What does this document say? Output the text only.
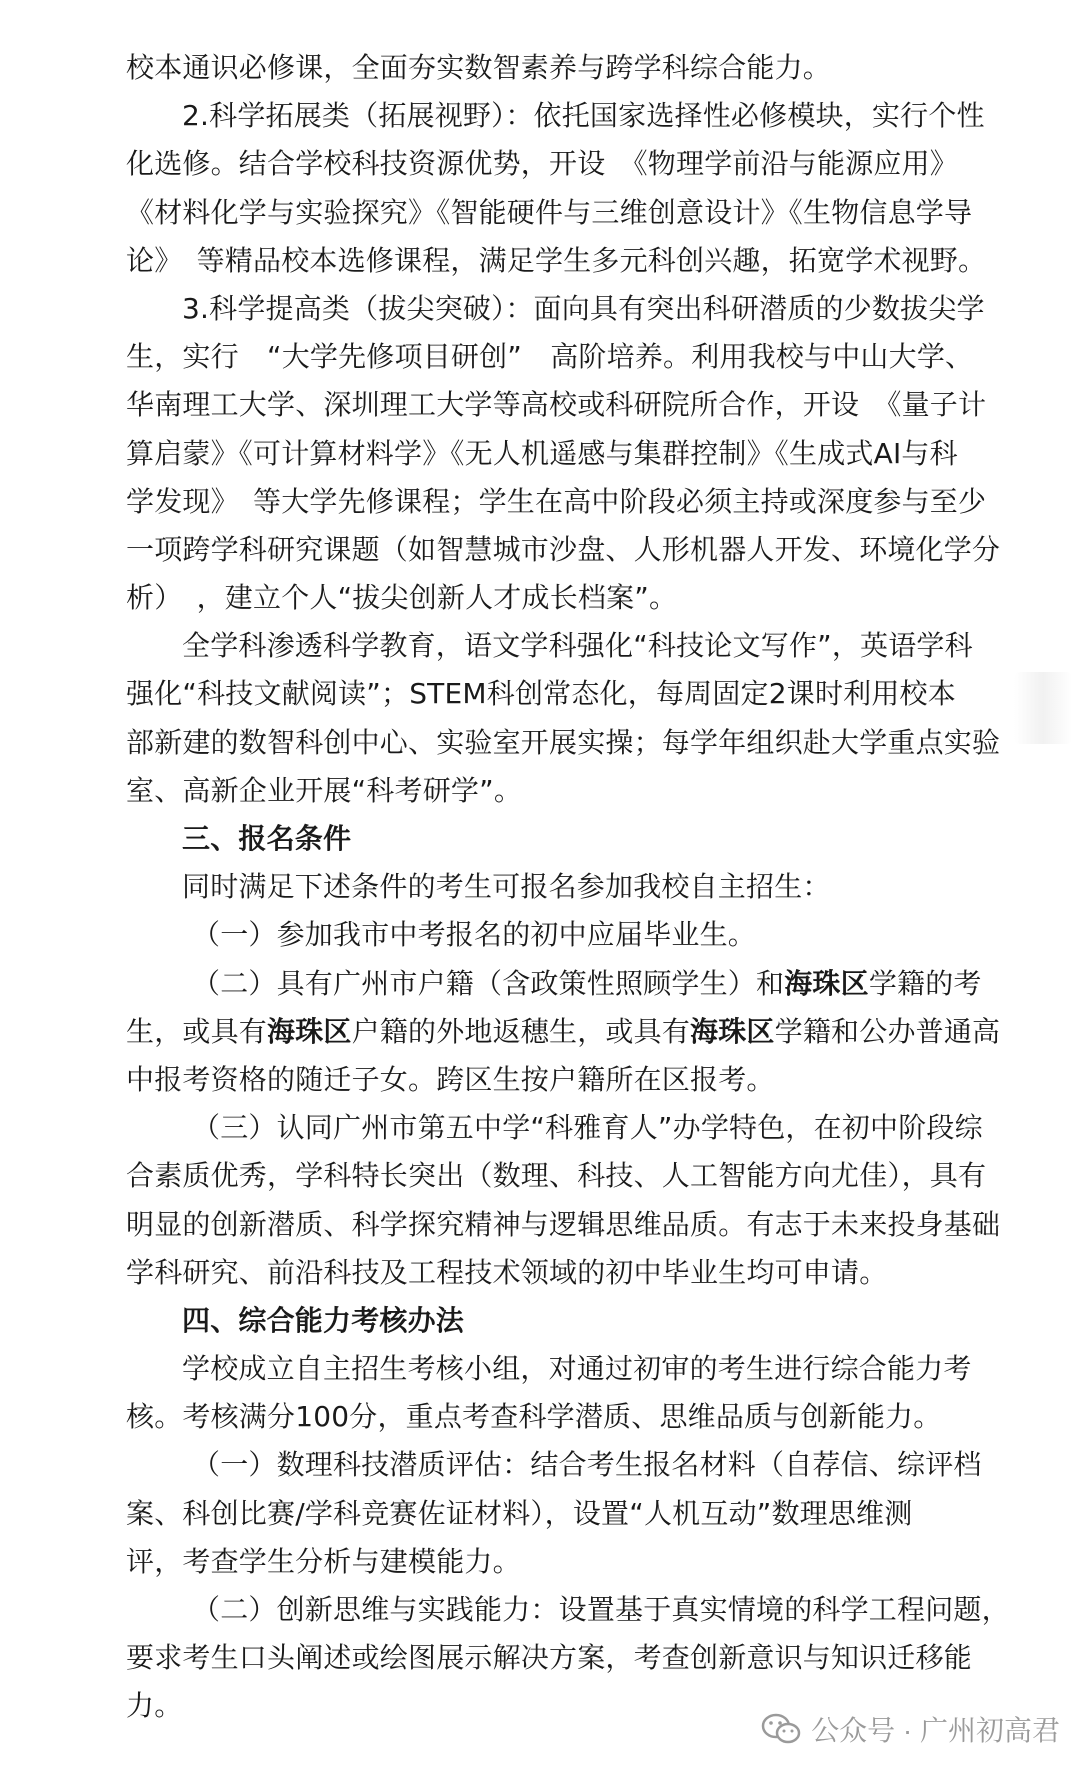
校本通识必修课，全面夯实数智素养与跨学科综合能力。
2.科学拓展类（拓展视野）：依托国家选择性必修模块，实行个性
化选修。结合学校科技资源优势，开设　《物理学前沿与能源应用》
《材料化学与实验探究》《智能硬件与三维创意设计》《生物信息学导
论》　等精品校本选修课程，满足学生多元科创兴趣，拓宽学术视野。
3.科学提高类（拔尖突破）：面向具有突出科研潜质的少数拔尖学
生，实行　“大学先修项目研创”　高阶培养。利用我校与中山大学、
华南理工大学、深圳理工大学等高校或科研院所合作，开设　《量子计
算启蒙》《可计算材料学》《无人机遥感与集群控制》《生成式AI与科
学发现》　等大学先修课程；学生在高中阶段必须主持或深度参与至少
一项跨学科研究课题（如智慧城市沙盘、人形机器人开发、环境化学分
析）　，建立个人“拔尖创新人才成长档案”。
全学科渗透科学教育，语文学科强化“科技论文写作”，英语学科
强化“科技文献阅读”；STEM科创常态化，每周固定2课时利用校本
部新建的数智科创中心、实验室开展实操；每学年组织赴大学重点实验
室、高新企业开展“科考研学”。
三、报名条件
同时满足下述条件的考生可报名参加我校自主招生：
（一）参加我市中考报名的初中应届毕业生。
（二）具有广州市户籍（含政策性照顾学生）和海珠区学籍的考
生，或具有海珠区户籍的外地返穗生，或具有海珠区学籍和公办普通高
中报考资格的随迁子女。跨区生按户籍所在区报考。
（三）认同广州市第五中学“科雅育人”办学特色，在初中阶段综
合素质优秀，学科特长突出（数理、科技、人工智能方向尤佳），具有
明显的创新潜质、科学探究精神与逻辑思维品质。有志于未来投身基础
学科研究、前沿科技及工程技术领域的初中毕业生均可申请。
四、综合能力考核办法
学校成立自主招生考核小组，对通过初审的考生进行综合能力考
核。考核满分100分，重点考查科学潜质、思维品质与创新能力。
（一）数理科技潜质评估：结合考生报名材料（自荐信、综评档
案、科创比赛/学科竞赛佐证材料），设置“人机互动”数理思维测
评，考查学生分析与建模能力。
（二）创新思维与实践能力：设置基于真实情境的科学工程问题，
要求考生口头阐述或绘图展示解决方案，考查创新意识与知识迁移能
力。
公众号 · 广州初高君
